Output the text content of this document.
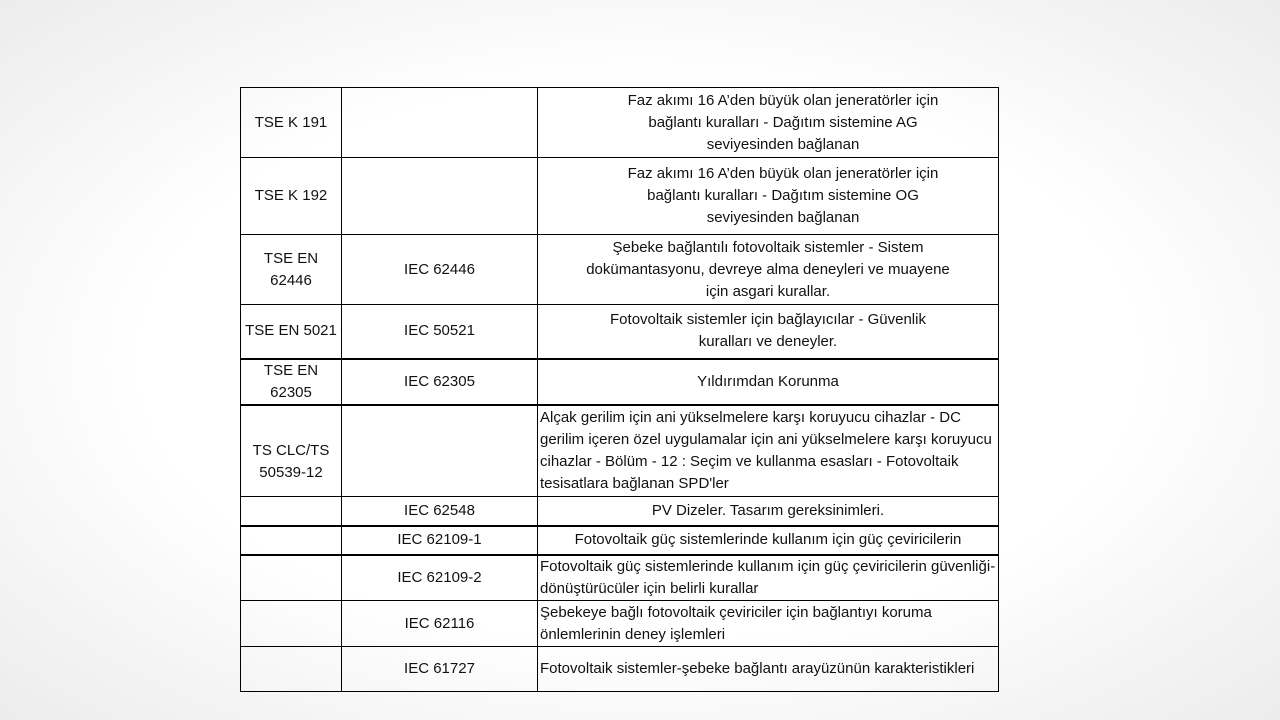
TSE K 191		Faz akımı 16 A’den büyük olan jeneratörler için bağlantı kuralları - Dağıtım sistemine AG seviyesinden bağlanan
TSE K 192		Faz akımı 16 A’den büyük olan jeneratörler için bağlantı kuralları - Dağıtım sistemine OG seviyesinden bağlanan
TSE EN 62446	IEC 62446	Şebeke bağlantılı fotovoltaik sistemler - Sistem dokümantasyonu, devreye alma deneyleri ve muayene için asgari kurallar.
TSE EN 5021	IEC 50521	Fotovoltaik sistemler için bağlayıcılar - Güvenlik kuralları ve deneyler.
TSE EN 62305	IEC 62305	Yıldırımdan Korunma
TS CLC/TS 50539-12		Alçak gerilim için ani yükselmelere karşı koruyucu cihazlar - DC gerilim içeren özel uygulamalar için ani yükselmelere karşı koruyucu cihazlar - Bölüm - 12 : Seçim ve kullanma esasları - Fotovoltaik tesisatlara bağlanan SPD'ler
	IEC 62548	PV Dizeler. Tasarım gereksinimleri.
	IEC 62109-1	Fotovoltaik güç sistemlerinde kullanım için güç çeviricilerin
	IEC 62109-2	Fotovoltaik güç sistemlerinde kullanım için güç çeviricilerin güvenliği-dönüştürücüler için belirli kurallar
	IEC 62116	Şebekeye bağlı fotovoltaik çeviriciler için bağlantıyı koruma önlemlerinin deney işlemleri
	IEC 61727	Fotovoltaik sistemler-şebeke bağlantı arayüzünün karakteristikleri
